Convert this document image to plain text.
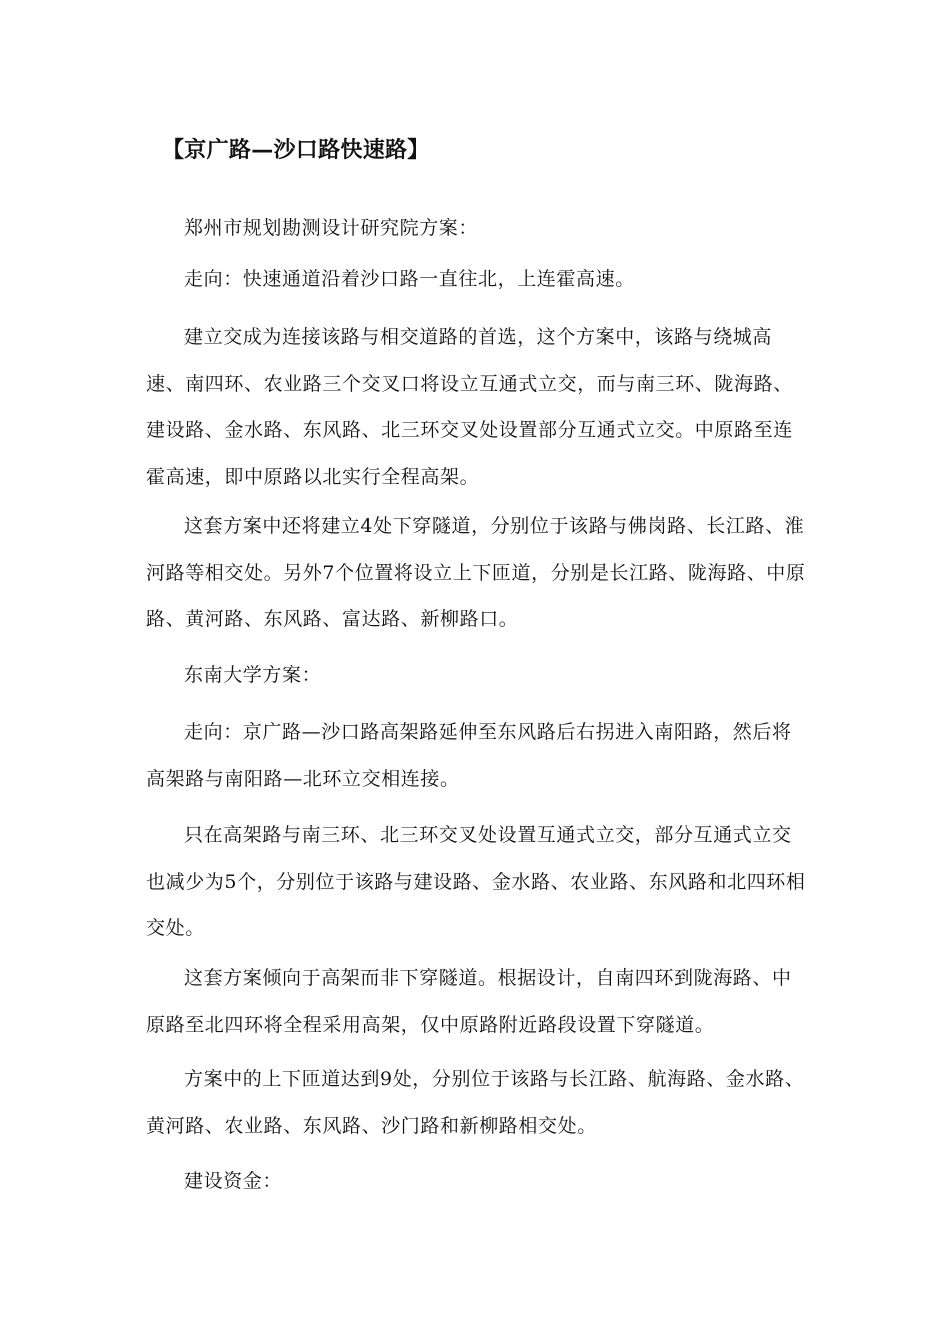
【京广路—沙口路快速路】

郑州市规划勘测设计研究院方案：

走向：快速通道沿着沙口路一直往北，上连霍高速。

建立交成为连接该路与相交道路的首选，这个方案中，该路与绕城高速、南四环、农业路三个交叉口将设立互通式立交，而与南三环、陇海路、建设路、金水路、东风路、北三环交叉处设置部分互通式立交。中原路至连霍高速，即中原路以北实行全程高架。

这套方案中还将建立4处下穿隧道，分别位于该路与佛岗路、长江路、淮河路等相交处。另外7个位置将设立上下匝道，分别是长江路、陇海路、中原路、黄河路、东风路、富达路、新柳路口。

东南大学方案：

走向：京广路—沙口路高架路延伸至东风路后右拐进入南阳路，然后将高架路与南阳路—北环立交相连接。

只在高架路与南三环、北三环交叉处设置互通式立交，部分互通式立交也减少为5个，分别位于该路与建设路、金水路、农业路、东风路和北四环相交处。

这套方案倾向于高架而非下穿隧道。根据设计，自南四环到陇海路、中原路至北四环将全程采用高架，仅中原路附近路段设置下穿隧道。

方案中的上下匝道达到9处，分别位于该路与长江路、航海路、金水路、黄河路、农业路、东风路、沙门路和新柳路相交处。

建设资金：
